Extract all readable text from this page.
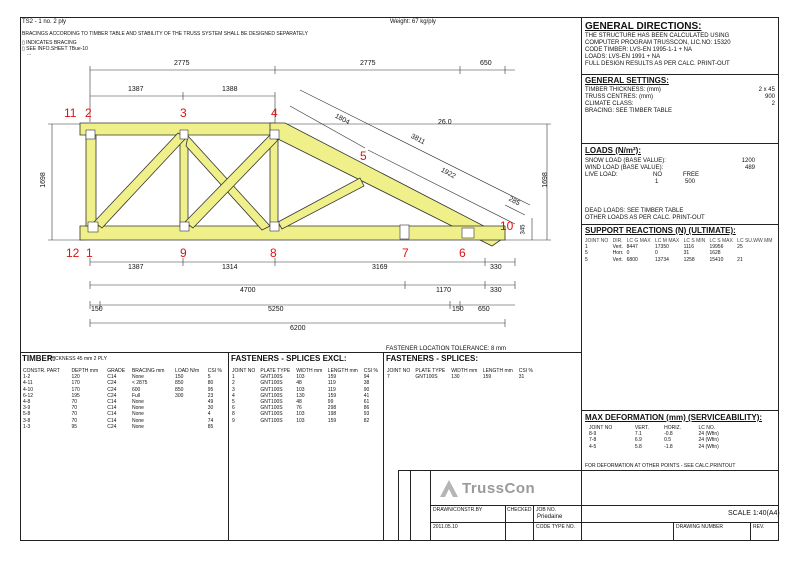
TS2 - 1 no. 2 ply	Weight: 67 kg/ply
BRACINGS ACCORDING TO TIMBER TABLE AND STABILITY OF THE TRUSS SYSTEM SHALL BE DESIGNED SEPARATELY
▯ INDICATES BRACING
▯ SEE INFO.SHEET TBue-10
...
11 2	3	4
5
10
12 1	9	8	7	6
2775	2775	650
1387	1388
1804
3811
1922
285
26.0
1698	1698
345
1387	1314	3169	330
4700	1170	330
150	5250	150 650
6200
FASTENER LOCATION TOLERANCE: 8 mm
GENERAL DIRECTIONS:
THE STRUCTURE HAS BEEN CALCULATED USING
COMPUTER PROGRAM TRUSSCON, LIC.NO: 15320
CODE TIMBER: LVS-EN 1995-1-1 + NA
LOADS: LVS-EN 1991 + NA
FULL DESIGN RESULTS AS PER CALC. PRINT-OUT
GENERAL SETTINGS:
TIMBER THICKNESS: (mm)	2 x 45
TRUSS CENTRES: (mm)	900
CLIMATE CLASS:	2
BRACING: SEE TIMBER TABLE
LOADS (N/m²):
SNOW LOAD (BASE VALUE):	1200
WIND LOAD (BASE VALUE):	489
LIVE LOAD:	NO	FREE
1	500
DEAD LOADS: SEE TIMBER TABLE
OTHER LOADS AS PER CALC. PRINT-OUT
SUPPORT REACTIONS (N) (ULTIMATE):
JOINT NO	DIR.	LC G MAX	LC M MAX	LC S MIN	LC S MAX	LC SU.WW MM
1	Vert.	8447	17350	1116	19956	25
5	Horr.	0	0	31	1628	
5	Vert.	6800	13734	1258	15410	21
MAX DEFORMATION (mm) (SERVICEABILITY):
JOINT NO	VERT.	HORIZ.	LC NO.
8-9	7.1	-0.8	24 (Wfin)
7-8	6.9	0.5	24 (Wfin)
4-5	5.8	-1.8	24 (Wfin)
FOR DEFORMATION AT OTHER POINTS - SEE CALC.PRINTOUT
TIMBER:
THICKNESS 45 mm 2 PLY
CONSTR. PART	DEPTH mm	GRADE	BRACING mm	LOAD N/m	CSI %
1-2	120	C14	None	150	5
4-11	170	C24	< 2875	850	80
4-10	170	C24	600	850	95
6-12	195	C24	Full	300	23
4-8	70	C14	None		49
3-9	70	C14	None		30
5-8	70	C14	None		4
3-8	70	C14	None		74
1-3	95	C24	None		85
FASTENERS - SPLICES EXCL:
JOINT NO	PLATE TYPE	WIDTH mm	LENGTH mm	CSI %
1	GNT100S	103	159	94
2	GNT100S	48	119	38
3	GNT100S	103	119	90
4	GNT100S	130	159	41
5	GNT100S	48	99	61
6	GNT100S	76	298	86
8	GNT100S	103	198	93
9	GNT100S	103	159	82
FASTENERS - SPLICES:
JOINT NO	PLATE TYPE	WIDTH mm	LENGTH mm	CSI %
7	GNT100S	130	159	31
TrussCon
SCALE 1:40(A4)
DRAWN/CONSTR.BY	CHECKED JOB NO.
Priedaine
2011.05.10	CODE TYPE NO.	DRAWING NUMBER	REV.
